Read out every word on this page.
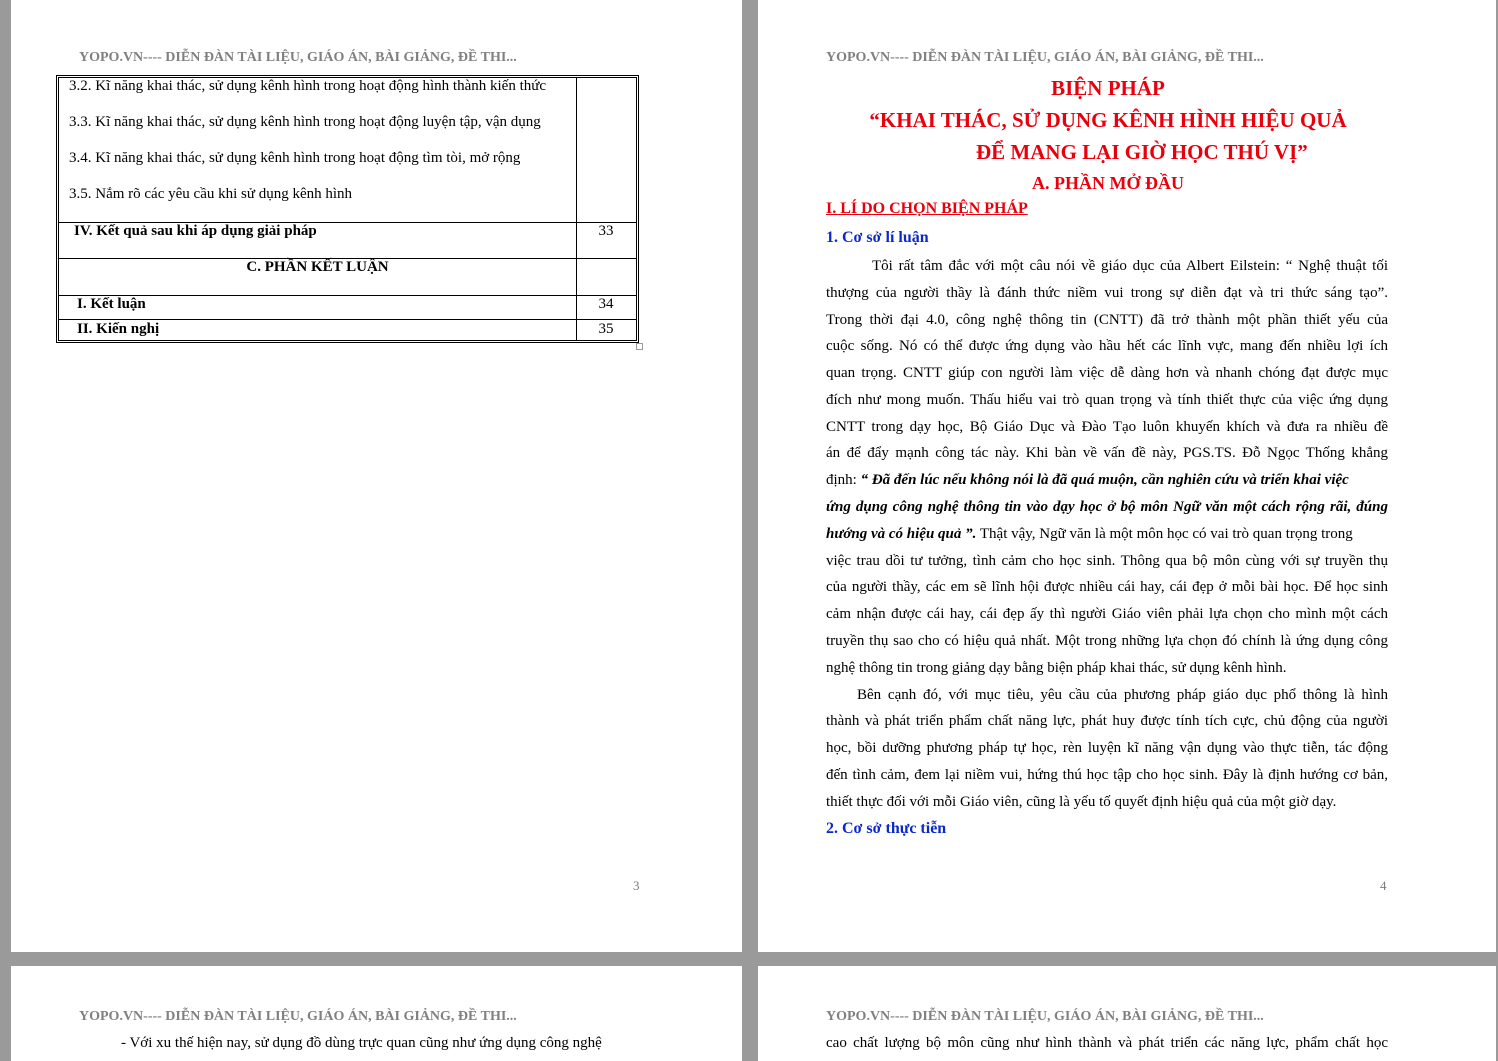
YOPO.VN---- DIỄN ĐÀN TÀI LIỆU, GIÁO ÁN, BÀI GIẢNG, ĐỀ THI...
3.2. Kĩ năng khai thác, sử dụng kênh hình trong hoạt động hình thành kiến thức
3.3. Kĩ năng khai thác, sử dụng kênh hình trong hoạt động luyện tập, vận dụng
3.4. Kĩ năng khai thác, sử dụng kênh hình trong hoạt động tìm tòi, mở rộng
3.5. Nắm rõ các yêu cầu khi sử dụng kênh hình
IV. Kết quả sau khi áp dụng giải pháp	33
C. PHẦN KẾT LUẬN
I. Kết luận	34
II. Kiến nghị	35
3
YOPO.VN---- DIỄN ĐÀN TÀI LIỆU, GIÁO ÁN, BÀI GIẢNG, ĐỀ THI...
BIỆN PHÁP
“KHAI THÁC, SỬ DỤNG KÊNH HÌNH HIỆU QUẢ
ĐỂ MANG LẠI GIỜ HỌC THÚ VỊ”
A. PHẦN MỞ ĐẦU
I. LÍ DO CHỌN BIỆN PHÁP
1. Cơ sở lí luận
Tôi rất tâm đắc với một câu nói về giáo dục của Albert Eilstein: “ Nghệ thuật tối
thượng của người thầy là đánh thức niềm vui trong sự diễn đạt và tri thức sáng tạo”.
Trong thời đại 4.0, công nghệ thông tin (CNTT) đã trở thành một phần thiết yếu của
cuộc sống. Nó có thể được ứng dụng vào hầu hết các lĩnh vực, mang đến nhiều lợi ích
quan trọng. CNTT giúp con người làm việc dễ dàng hơn và nhanh chóng đạt được mục
đích như mong muốn. Thấu hiểu vai trò quan trọng và tính thiết thực của việc ứng dụng
CNTT trong dạy học, Bộ Giáo Dục và Đào Tạo luôn khuyến khích và đưa ra nhiều đề
án để đẩy mạnh công tác này. Khi bàn về vấn đề này, PGS.TS. Đỗ Ngọc Thống khẳng
định: “ Đã đến lúc nếu không nói là đã quá muộn, cần nghiên cứu và triển khai việc
ứng dụng công nghệ thông tin vào dạy học ở bộ môn Ngữ văn một cách rộng rãi, đúng
hướng và có hiệu quả ”. Thật vậy, Ngữ văn là một môn học có vai trò quan trọng trong
việc trau dồi tư tưởng, tình cảm cho học sinh. Thông qua bộ môn cùng với sự truyền thụ
của người thầy, các em sẽ lĩnh hội được nhiều cái hay, cái đẹp ở mỗi bài học. Để học sinh
cảm nhận được cái hay, cái đẹp ấy thì người Giáo viên phải lựa chọn cho mình một cách
truyền thụ sao cho có hiệu quả nhất. Một trong những lựa chọn đó chính là ứng dụng công
nghệ thông tin trong giảng dạy bằng biện pháp khai thác, sử dụng kênh hình.
Bên cạnh đó, với mục tiêu, yêu cầu của phương pháp giáo dục phổ thông là hình
thành và phát triển phẩm chất năng lực, phát huy được tính tích cực, chủ động của người
học, bồi dưỡng phương pháp tự học, rèn luyện kĩ năng vận dụng vào thực tiễn, tác động
đến tình cảm, đem lại niềm vui, hứng thú học tập cho học sinh. Đây là định hướng cơ bản,
thiết thực đối với mỗi Giáo viên, cũng là yếu tố quyết định hiệu quả của một giờ dạy.
2. Cơ sở thực tiễn
4
YOPO.VN---- DIỄN ĐÀN TÀI LIỆU, GIÁO ÁN, BÀI GIẢNG, ĐỀ THI...
- Với xu thế hiện nay, sử dụng đồ dùng trực quan cũng như ứng dụng công nghệ
YOPO.VN---- DIỄN ĐÀN TÀI LIỆU, GIÁO ÁN, BÀI GIẢNG, ĐỀ THI...
cao chất lượng bộ môn cũng như hình thành và phát triển các năng lực, phẩm chất học
